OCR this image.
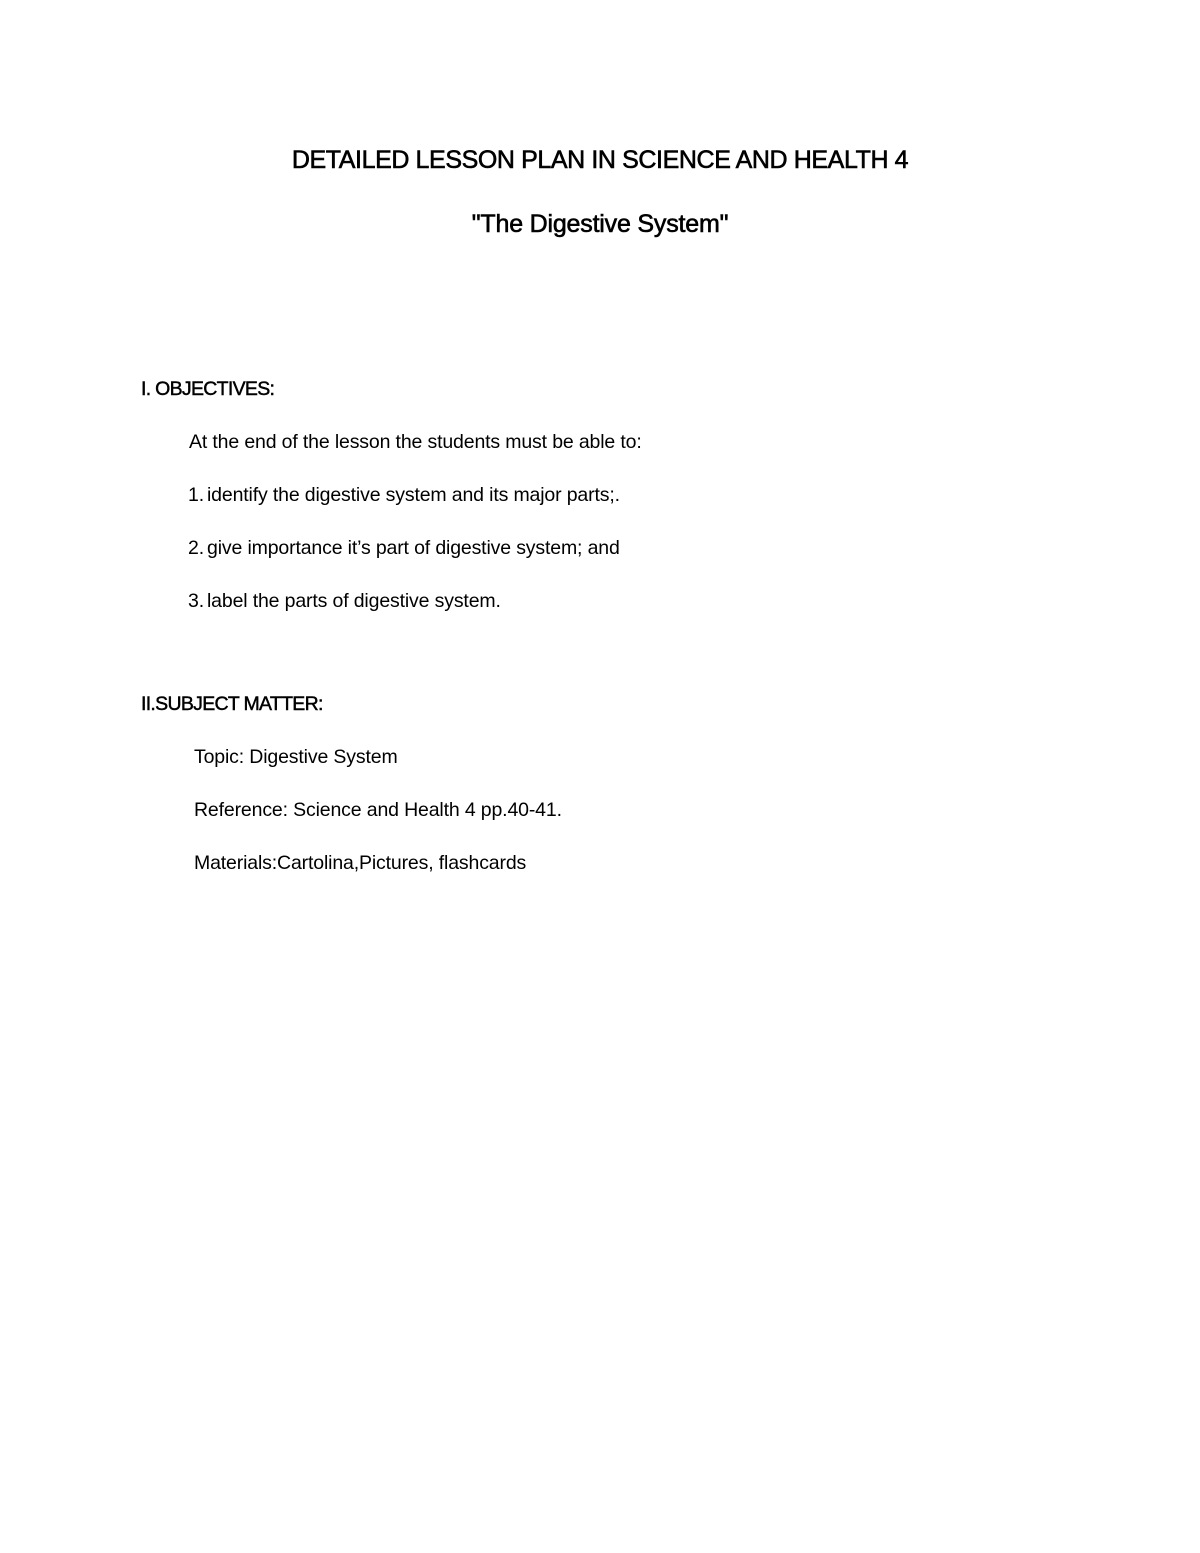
DETAILED LESSON PLAN IN SCIENCE AND HEALTH 4
"The Digestive System"
I. OBJECTIVES:
At the end of the lesson the students must be able to:
1. identify the digestive system and its major parts;.
2. give importance it’s part of digestive system; and
3. label the parts of digestive system.
II.SUBJECT MATTER:
Topic: Digestive System
Reference: Science and Health 4 pp.40-41.
Materials:Cartolina,Pictures, flashcards
